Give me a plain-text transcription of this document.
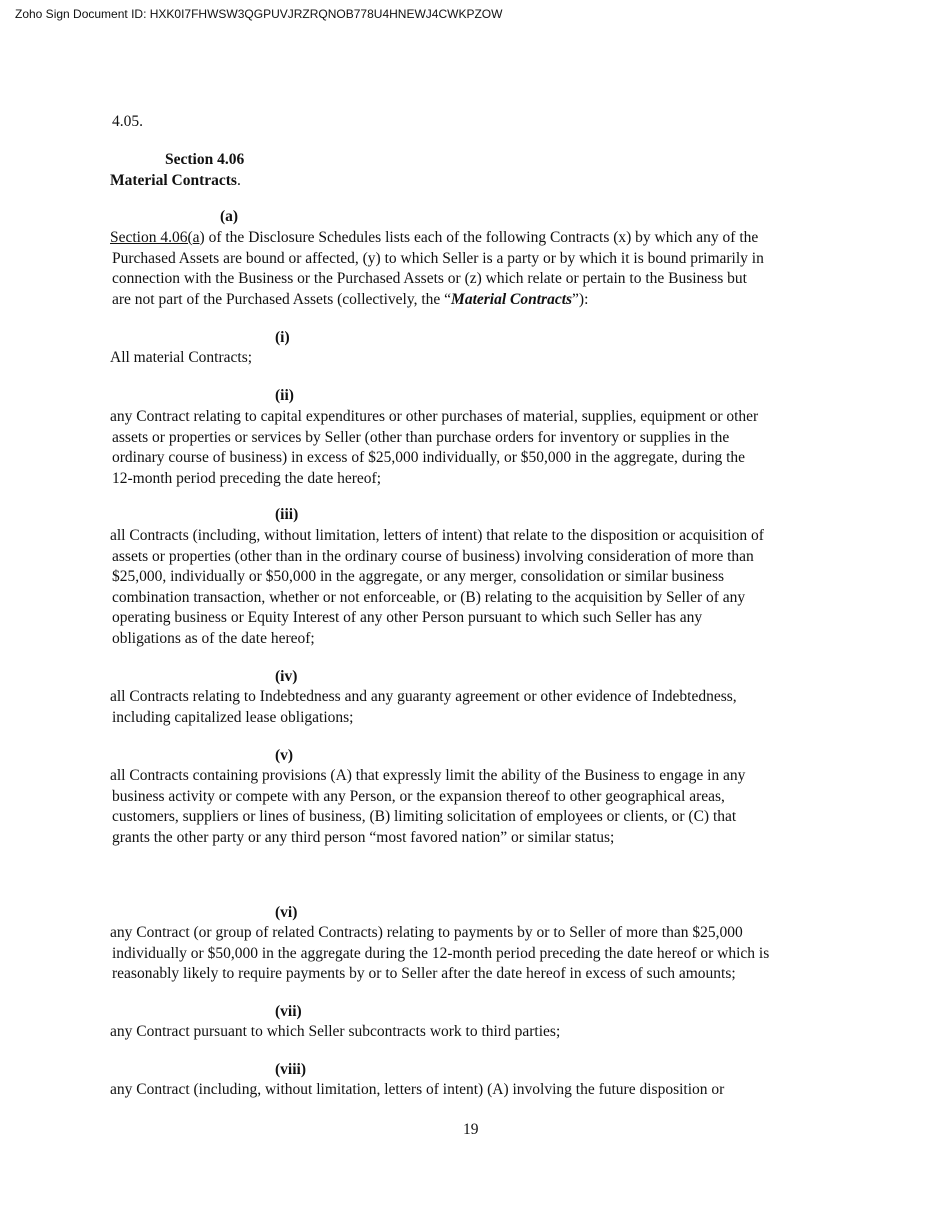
Zoho Sign Document ID: HXK0I7FHWSW3QGPUVJRZRQNOB778U4HNEWJ4CWKPZOW
4.05.
Section 4.06
Material Contracts.
(a)
Section 4.06(a) of the Disclosure Schedules lists each of the following Contracts (x) by which any of the
Purchased Assets are bound or affected, (y) to which Seller is a party or by which it is bound primarily in
connection with the Business or the Purchased Assets or (z) which relate or pertain to the Business but
are not part of the Purchased Assets (collectively, the “Material Contracts”):
(i)
All material Contracts;
(ii)
any Contract relating to capital expenditures or other purchases of material, supplies, equipment or other
assets or properties or services by Seller (other than purchase orders for inventory or supplies in the
ordinary course of business) in excess of $25,000 individually, or $50,000 in the aggregate, during the
12-month period preceding the date hereof;
(iii)
all Contracts (including, without limitation, letters of intent) that relate to the disposition or acquisition of
assets or properties (other than in the ordinary course of business) involving consideration of more than
$25,000, individually or $50,000 in the aggregate, or any merger, consolidation or similar business
combination transaction, whether or not enforceable, or (B) relating to the acquisition by Seller of any
operating business or Equity Interest of any other Person pursuant to which such Seller has any
obligations as of the date hereof;
(iv)
all Contracts relating to Indebtedness and any guaranty agreement or other evidence of Indebtedness,
including capitalized lease obligations;
(v)
all Contracts containing provisions (A) that expressly limit the ability of the Business to engage in any
business activity or compete with any Person, or the expansion thereof to other geographical areas,
customers, suppliers or lines of business, (B) limiting solicitation of employees or clients, or (C) that
grants the other party or any third person “most favored nation” or similar status;
(vi)
any Contract (or group of related Contracts) relating to payments by or to Seller of more than $25,000
individually or $50,000 in the aggregate during the 12-month period preceding the date hereof or which is
reasonably likely to require payments by or to Seller after the date hereof in excess of such amounts;
(vii)
any Contract pursuant to which Seller subcontracts work to third parties;
(viii)
any Contract (including, without limitation, letters of intent) (A) involving the future disposition or
19
